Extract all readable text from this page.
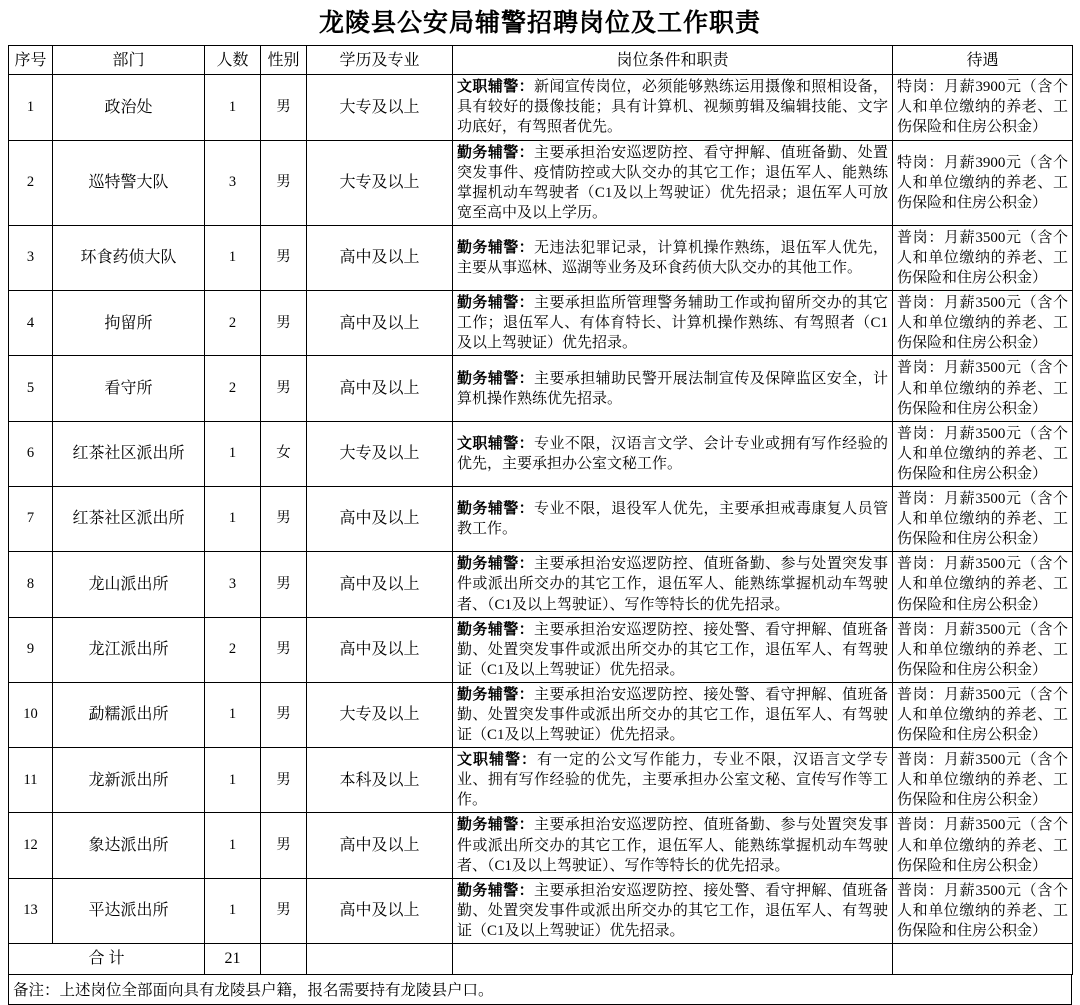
龙陵县公安局辅警招聘岗位及工作职责
序号	部门	人数	性别	学历及专业	岗位条件和职责	待遇
1	政治处	1	男	大专及以上	文职辅警：新闻宣传岗位，必须能够熟练运用摄像和照相设备，具有较好的摄像技能；具有计算机、视频剪辑及编辑技能、文字功底好，有驾照者优先。	特岗：月薪3900元（含个人和单位缴纳的养老、工伤保险和住房公积金）
2	巡特警大队	3	男	大专及以上	勤务辅警：主要承担治安巡逻防控、看守押解、值班备勤、处置突发事件、疫情防控或大队交办的其它工作；退伍军人、能熟练掌握机动车驾驶者（C1及以上驾驶证）优先招录；退伍军人可放宽至高中及以上学历。	特岗：月薪3900元（含个人和单位缴纳的养老、工伤保险和住房公积金）
3	环食药侦大队	1	男	高中及以上	勤务辅警：无违法犯罪记录，计算机操作熟练，退伍军人优先，主要从事巡林、巡湖等业务及环食药侦大队交办的其他工作。	普岗：月薪3500元（含个人和单位缴纳的养老、工伤保险和住房公积金）
4	拘留所	2	男	高中及以上	勤务辅警：主要承担监所管理警务辅助工作或拘留所交办的其它工作；退伍军人、有体育特长、计算机操作熟练、有驾照者（C1及以上驾驶证）优先招录。	普岗：月薪3500元（含个人和单位缴纳的养老、工伤保险和住房公积金）
5	看守所	2	男	高中及以上	勤务辅警：主要承担辅助民警开展法制宣传及保障监区安全，计算机操作熟练优先招录。	普岗：月薪3500元（含个人和单位缴纳的养老、工伤保险和住房公积金）
6	红茶社区派出所	1	女	大专及以上	文职辅警：专业不限，汉语言文学、会计专业或拥有写作经验的优先，主要承担办公室文秘工作。	普岗：月薪3500元（含个人和单位缴纳的养老、工伤保险和住房公积金）
7	红茶社区派出所	1	男	高中及以上	勤务辅警：专业不限，退役军人优先，主要承担戒毒康复人员管教工作。	普岗：月薪3500元（含个人和单位缴纳的养老、工伤保险和住房公积金）
8	龙山派出所	3	男	高中及以上	勤务辅警：主要承担治安巡逻防控、值班备勤、参与处置突发事件或派出所交办的其它工作，退伍军人、能熟练掌握机动车驾驶者、（C1及以上驾驶证）、写作等特长的优先招录。	普岗：月薪3500元（含个人和单位缴纳的养老、工伤保险和住房公积金）
9	龙江派出所	2	男	高中及以上	勤务辅警：主要承担治安巡逻防控、接处警、看守押解、值班备勤、处置突发事件或派出所交办的其它工作，退伍军人、有驾驶证（C1及以上驾驶证）优先招录。	普岗：月薪3500元（含个人和单位缴纳的养老、工伤保险和住房公积金）
10	勐糯派出所	1	男	大专及以上	勤务辅警：主要承担治安巡逻防控、接处警、看守押解、值班备勤、处置突发事件或派出所交办的其它工作，退伍军人、有驾驶证（C1及以上驾驶证）优先招录。	普岗：月薪3500元（含个人和单位缴纳的养老、工伤保险和住房公积金）
11	龙新派出所	1	男	本科及以上	文职辅警：有一定的公文写作能力，专业不限，汉语言文学专业、拥有写作经验的优先，主要承担办公室文秘、宣传写作等工作。	普岗：月薪3500元（含个人和单位缴纳的养老、工伤保险和住房公积金）
12	象达派出所	1	男	高中及以上	勤务辅警：主要承担治安巡逻防控、值班备勤、参与处置突发事件或派出所交办的其它工作，退伍军人、能熟练掌握机动车驾驶者、（C1及以上驾驶证）、写作等特长的优先招录。	普岗：月薪3500元（含个人和单位缴纳的养老、工伤保险和住房公积金）
13	平达派出所	1	男	高中及以上	勤务辅警：主要承担治安巡逻防控、接处警、看守押解、值班备勤、处置突发事件或派出所交办的其它工作，退伍军人、有驾驶证（C1及以上驾驶证）优先招录。	普岗：月薪3500元（含个人和单位缴纳的养老、工伤保险和住房公积金）
合 计		21				
备注：上述岗位全部面向具有龙陵县户籍，报名需要持有龙陵县户口。
